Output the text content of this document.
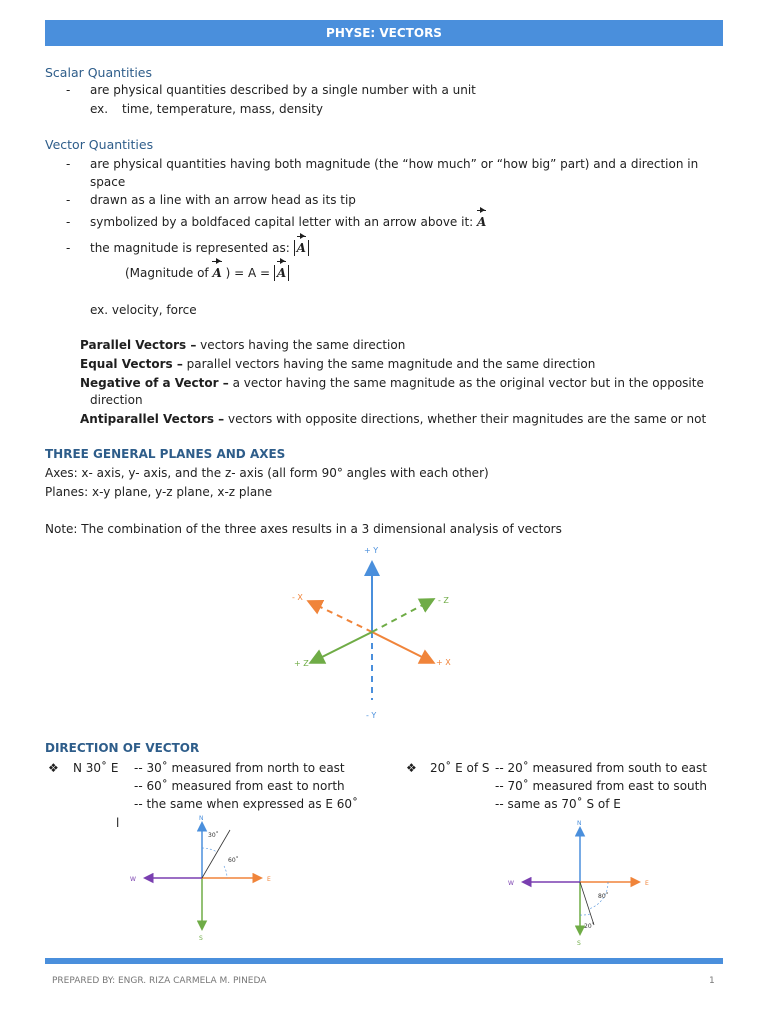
PHYSE: VECTORS
Scalar Quantities
- are physical quantities described by a single number with a unit
ex. time, temperature, mass, density
Vector Quantities
- are physical quantities having both magnitude (the “how much” or “how big” part) and a direction in
space
- drawn as a line with an arrow head as its tip
- symbolized by a boldfaced capital letter with an arrow above it: A
- the magnitude is represented as: A
(Magnitude of A ) = A = A
ex. velocity, force
Parallel Vectors – vectors having the same direction
Equal Vectors – parallel vectors having the same magnitude and the same direction
Negative of a Vector – a vector having the same magnitude as the original vector but in the opposite
direction
Antiparallel Vectors – vectors with opposite directions, whether their magnitudes are the same or not
THREE GENERAL PLANES AND AXES
Axes: x- axis, y- axis, and the z- axis (all form 90° angles with each other)
Planes: x-y plane, y-z plane, x-z plane
Note: The combination of the three axes results in a 3 dimensional analysis of vectors
+ Y
- Y
- X
+ X
- Z
+ Z
DIRECTION OF VECTOR
❖ N 30˚ E -- 30˚ measured from north to east
-- 60˚ measured from east to north
-- the same when expressed as E 60˚
l
❖ 20˚ E of S -- 20˚ measured from south to east
-- 70˚ measured from east to south
-- same as 70˚ S of E
N
S
E
W
30˚
60˚
N
S
E
W
80˚
20˚
PREPARED BY: ENGR. RIZA CARMELA M. PINEDA	1
